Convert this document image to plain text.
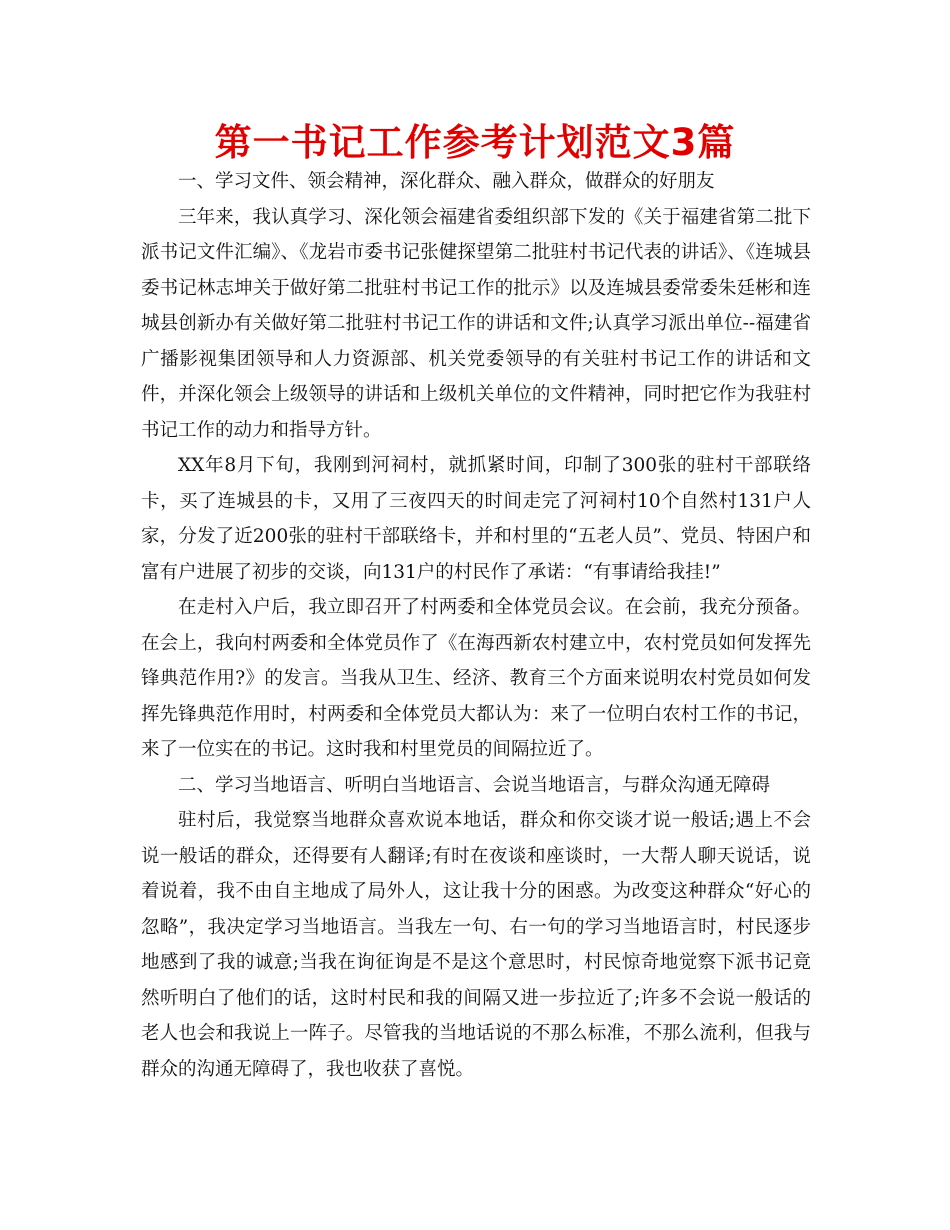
第一书记工作参考计划范文3篇

一、学习文件、领会精神，深化群众、融入群众，做群众的好朋友

三年来，我认真学习、深化领会福建省委组织部下发的《关于福建省第二批下派书记文件汇编》、《龙岩市委书记张健探望第二批驻村书记代表的讲话》、《连城县委书记林志坤关于做好第二批驻村书记工作的批示》以及连城县委常委朱廷彬和连城县创新办有关做好第二批驻村书记工作的讲话和文件;认真学习派出单位--福建省广播影视集团领导和人力资源部、机关党委领导的有关驻村书记工作的讲话和文件，并深化领会上级领导的讲话和上级机关单位的文件精神，同时把它作为我驻村书记工作的动力和指导方针。

XX年8月下旬，我刚到河祠村，就抓紧时间，印制了300张的驻村干部联络卡，买了连城县的卡，又用了三夜四天的时间走完了河祠村10个自然村131户人家，分发了近200张的驻村干部联络卡，并和村里的“五老人员”、党员、特困户和富有户进展了初步的交谈，向131户的村民作了承诺：“有事请给我挂!”

在走村入户后，我立即召开了村两委和全体党员会议。在会前，我充分预备。在会上，我向村两委和全体党员作了《在海西新农村建立中，农村党员如何发挥先锋典范作用?》的发言。当我从卫生、经济、教育三个方面来说明农村党员如何发挥先锋典范作用时，村两委和全体党员大都认为：来了一位明白农村工作的书记，来了一位实在的书记。这时我和村里党员的间隔拉近了。

二、学习当地语言、听明白当地语言、会说当地语言，与群众沟通无障碍

驻村后，我觉察当地群众喜欢说本地话，群众和你交谈才说一般话;遇上不会说一般话的群众，还得要有人翻译;有时在夜谈和座谈时，一大帮人聊天说话，说着说着，我不由自主地成了局外人，这让我十分的困惑。为改变这种群众“好心的忽略”，我决定学习当地语言。当我左一句、右一句的学习当地语言时，村民逐步地感到了我的诚意;当我在询征询是不是这个意思时，村民惊奇地觉察下派书记竟然听明白了他们的话，这时村民和我的间隔又进一步拉近了;许多不会说一般话的老人也会和我说上一阵子。尽管我的当地话说的不那么标准，不那么流利，但我与群众的沟通无障碍了，我也收获了喜悦。
